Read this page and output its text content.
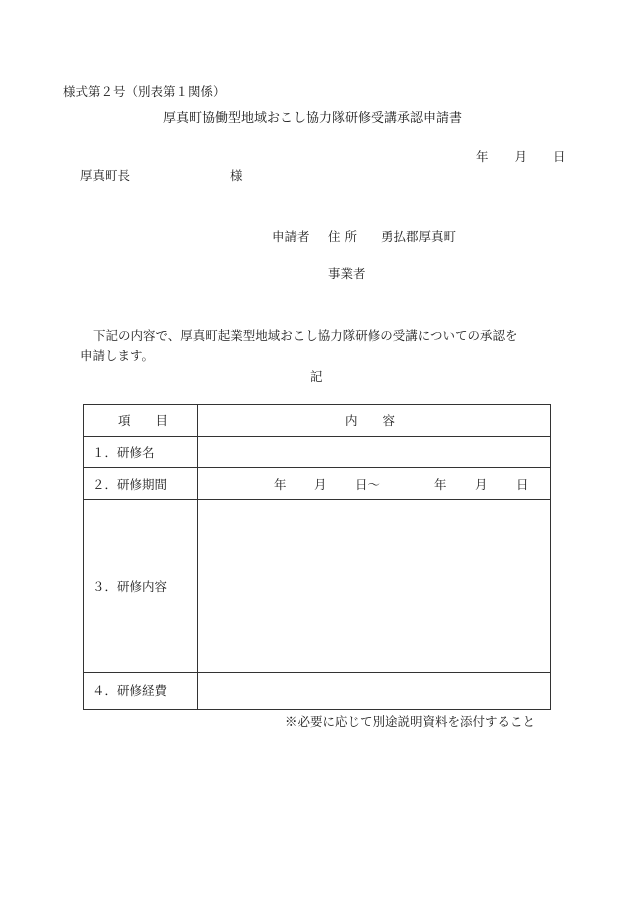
様式第２号（別表第１関係）
厚真町協働型地域おこし協力隊研修受講承認申請書
年 月 日
厚真町長	様
申請者 住 所 勇払郡厚真町
事業者
下記の内容で、厚真町起業型地域おこし協力隊研修の受講についての承認を
申請します。
記
項　　目	内　　容
１．研修名
２．研修期間	年 月 日〜	年 月 日
３．研修内容
４．研修経費
※必要に応じて別途説明資料を添付すること
